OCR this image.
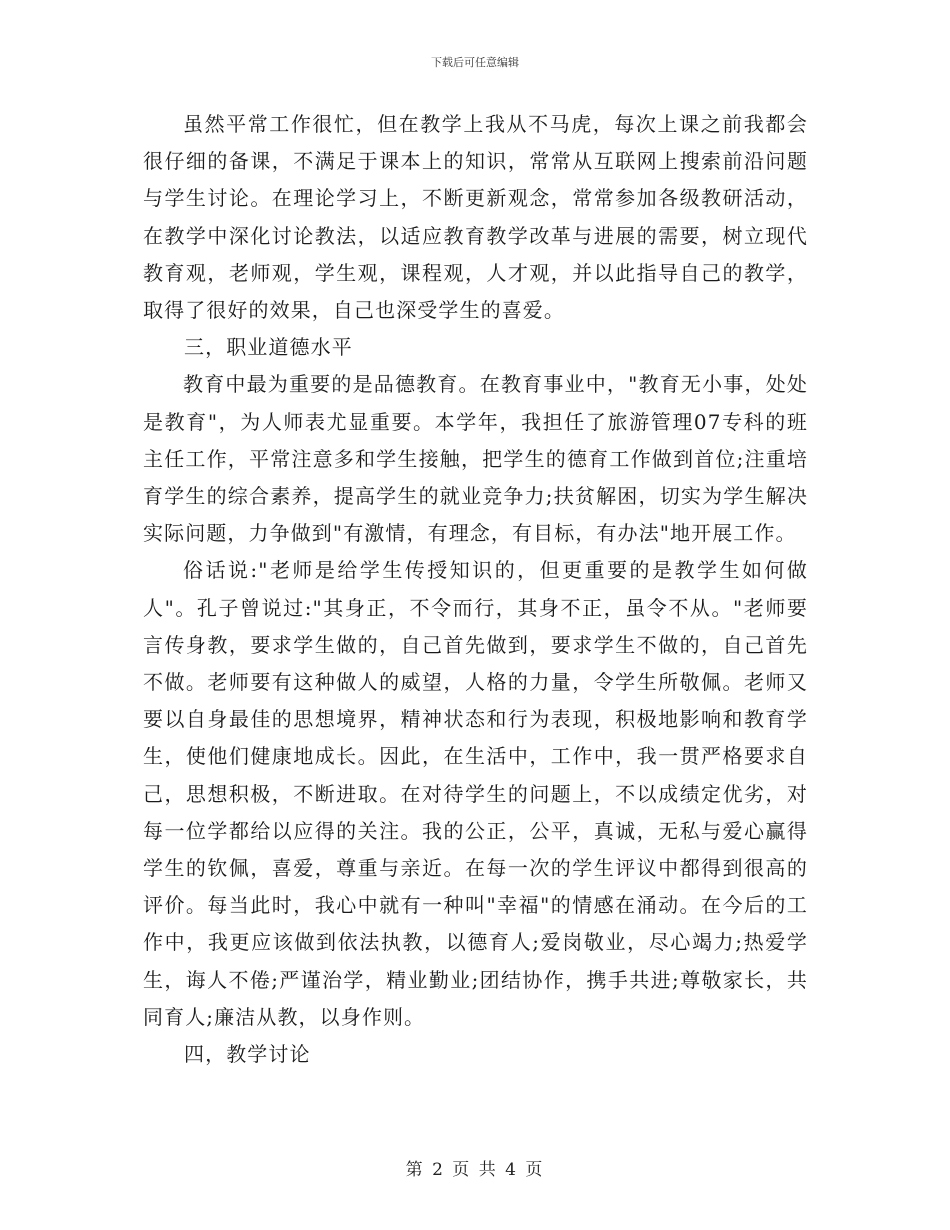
下载后可任意编辑

虽然平常工作很忙，但在教学上我从不马虎，每次上课之前我都会很仔细的备课，不满足于课本上的知识，常常从互联网上搜索前沿问题与学生讨论。在理论学习上，不断更新观念，常常参加各级教研活动，在教学中深化讨论教法，以适应教育教学改革与进展的需要，树立现代教育观，老师观，学生观，课程观，人才观，并以此指导自己的教学，取得了很好的效果，自己也深受学生的喜爱。

三，职业道德水平

教育中最为重要的是品德教育。在教育事业中，"教育无小事，处处是教育"，为人师表尤显重要。本学年，我担任了旅游管理07专科的班主任工作，平常注意多和学生接触，把学生的德育工作做到首位;注重培育学生的综合素养，提高学生的就业竞争力;扶贫解困，切实为学生解决实际问题，力争做到"有激情，有理念，有目标，有办法"地开展工作。

俗话说:"老师是给学生传授知识的，但更重要的是教学生如何做人"。孔子曾说过:"其身正，不令而行，其身不正，虽令不从。"老师要言传身教，要求学生做的，自己首先做到，要求学生不做的，自己首先不做。老师要有这种做人的威望，人格的力量，令学生所敬佩。老师又要以自身最佳的思想境界，精神状态和行为表现，积极地影响和教育学生，使他们健康地成长。因此，在生活中，工作中，我一贯严格要求自己，思想积极，不断进取。在对待学生的问题上，不以成绩定优劣，对每一位学都给以应得的关注。我的公正，公平，真诚，无私与爱心赢得学生的钦佩，喜爱，尊重与亲近。在每一次的学生评议中都得到很高的评价。每当此时，我心中就有一种叫"幸福"的情感在涌动。在今后的工作中，我更应该做到依法执教，以德育人;爱岗敬业，尽心竭力;热爱学生，诲人不倦;严谨治学，精业勤业;团结协作，携手共进;尊敬家长，共同育人;廉洁从教，以身作则。

四，教学讨论

第 2 页 共 4 页
